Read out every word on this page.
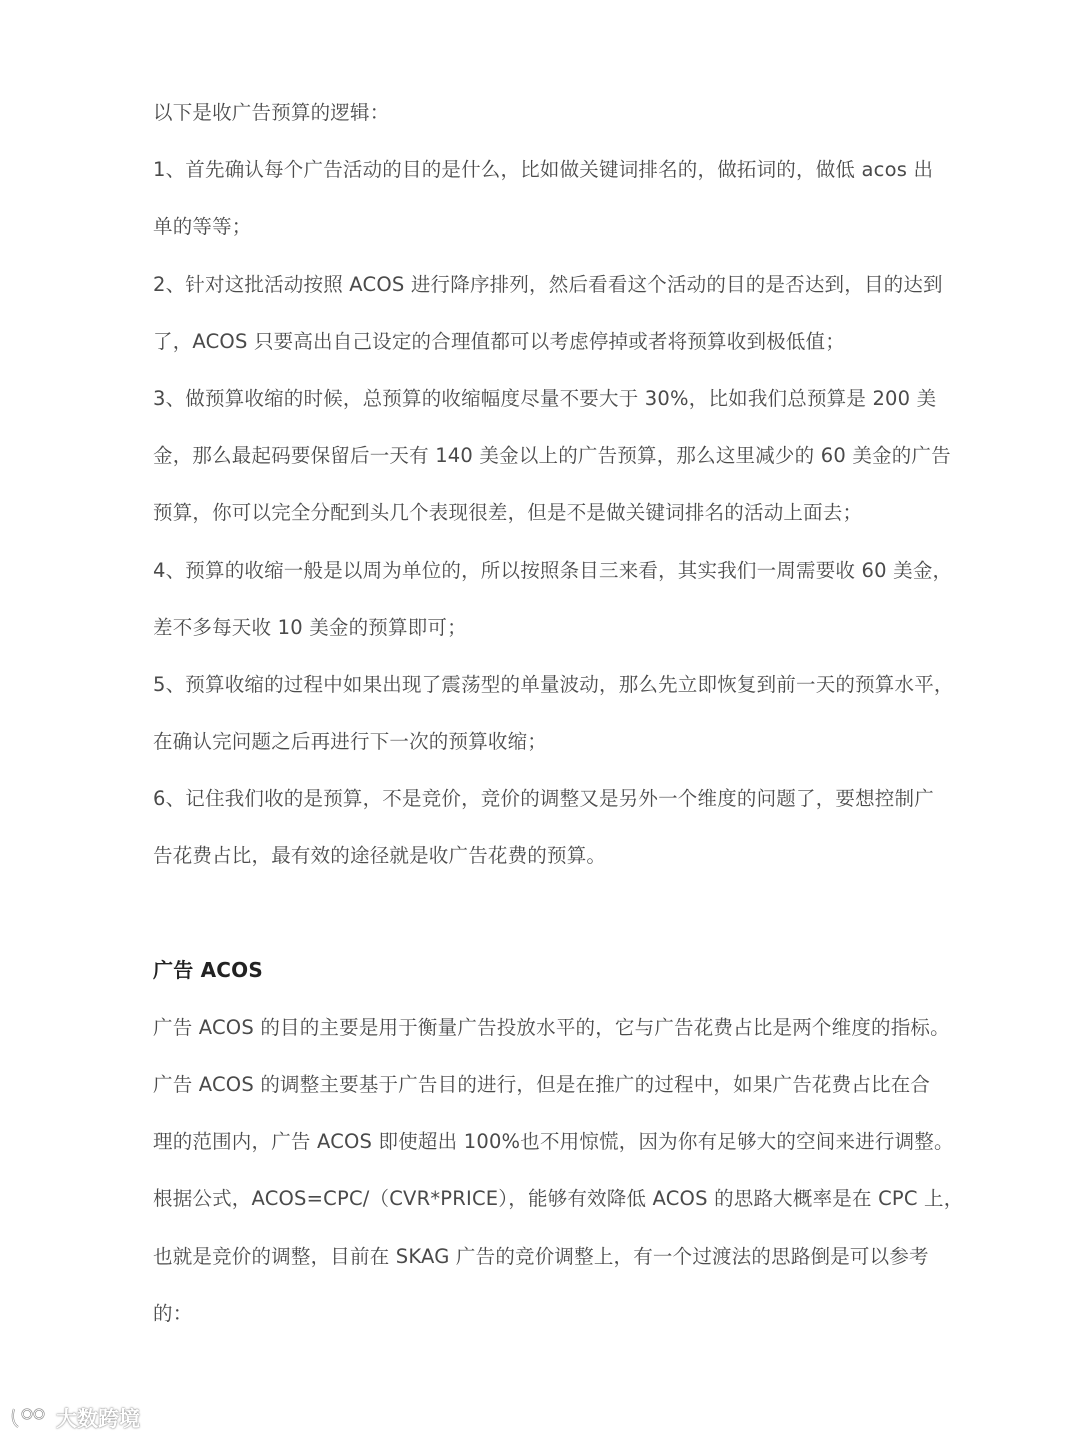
以下是收广告预算的逻辑：
1、首先确认每个广告活动的目的是什么，比如做关键词排名的，做拓词的，做低 acos 出
单的等等；
2、针对这批活动按照 ACOS 进行降序排列，然后看看这个活动的目的是否达到，目的达到
了，ACOS 只要高出自己设定的合理值都可以考虑停掉或者将预算收到极低值；
3、做预算收缩的时候，总预算的收缩幅度尽量不要大于 30%，比如我们总预算是 200 美
金，那么最起码要保留后一天有 140 美金以上的广告预算，那么这里减少的 60 美金的广告
预算，你可以完全分配到头几个表现很差，但是不是做关键词排名的活动上面去；
4、预算的收缩一般是以周为单位的，所以按照条目三来看，其实我们一周需要收 60 美金，
差不多每天收 10 美金的预算即可；
5、预算收缩的过程中如果出现了震荡型的单量波动，那么先立即恢复到前一天的预算水平，
在确认完问题之后再进行下一次的预算收缩；
6、记住我们收的是预算，不是竞价，竞价的调整又是另外一个维度的问题了，要想控制广
告花费占比，最有效的途径就是收广告花费的预算。
广告 ACOS
广告 ACOS 的目的主要是用于衡量广告投放水平的，它与广告花费占比是两个维度的指标。
广告 ACOS 的调整主要基于广告目的进行，但是在推广的过程中，如果广告花费占比在合
理的范围内，广告 ACOS 即使超出 100%也不用惊慌，因为你有足够大的空间来进行调整。
根据公式，ACOS=CPC/（CVR*PRICE），能够有效降低 ACOS 的思路大概率是在 CPC 上，
也就是竞价的调整，目前在 SKAG 广告的竞价调整上，有一个过渡法的思路倒是可以参考
的：
大数跨境
